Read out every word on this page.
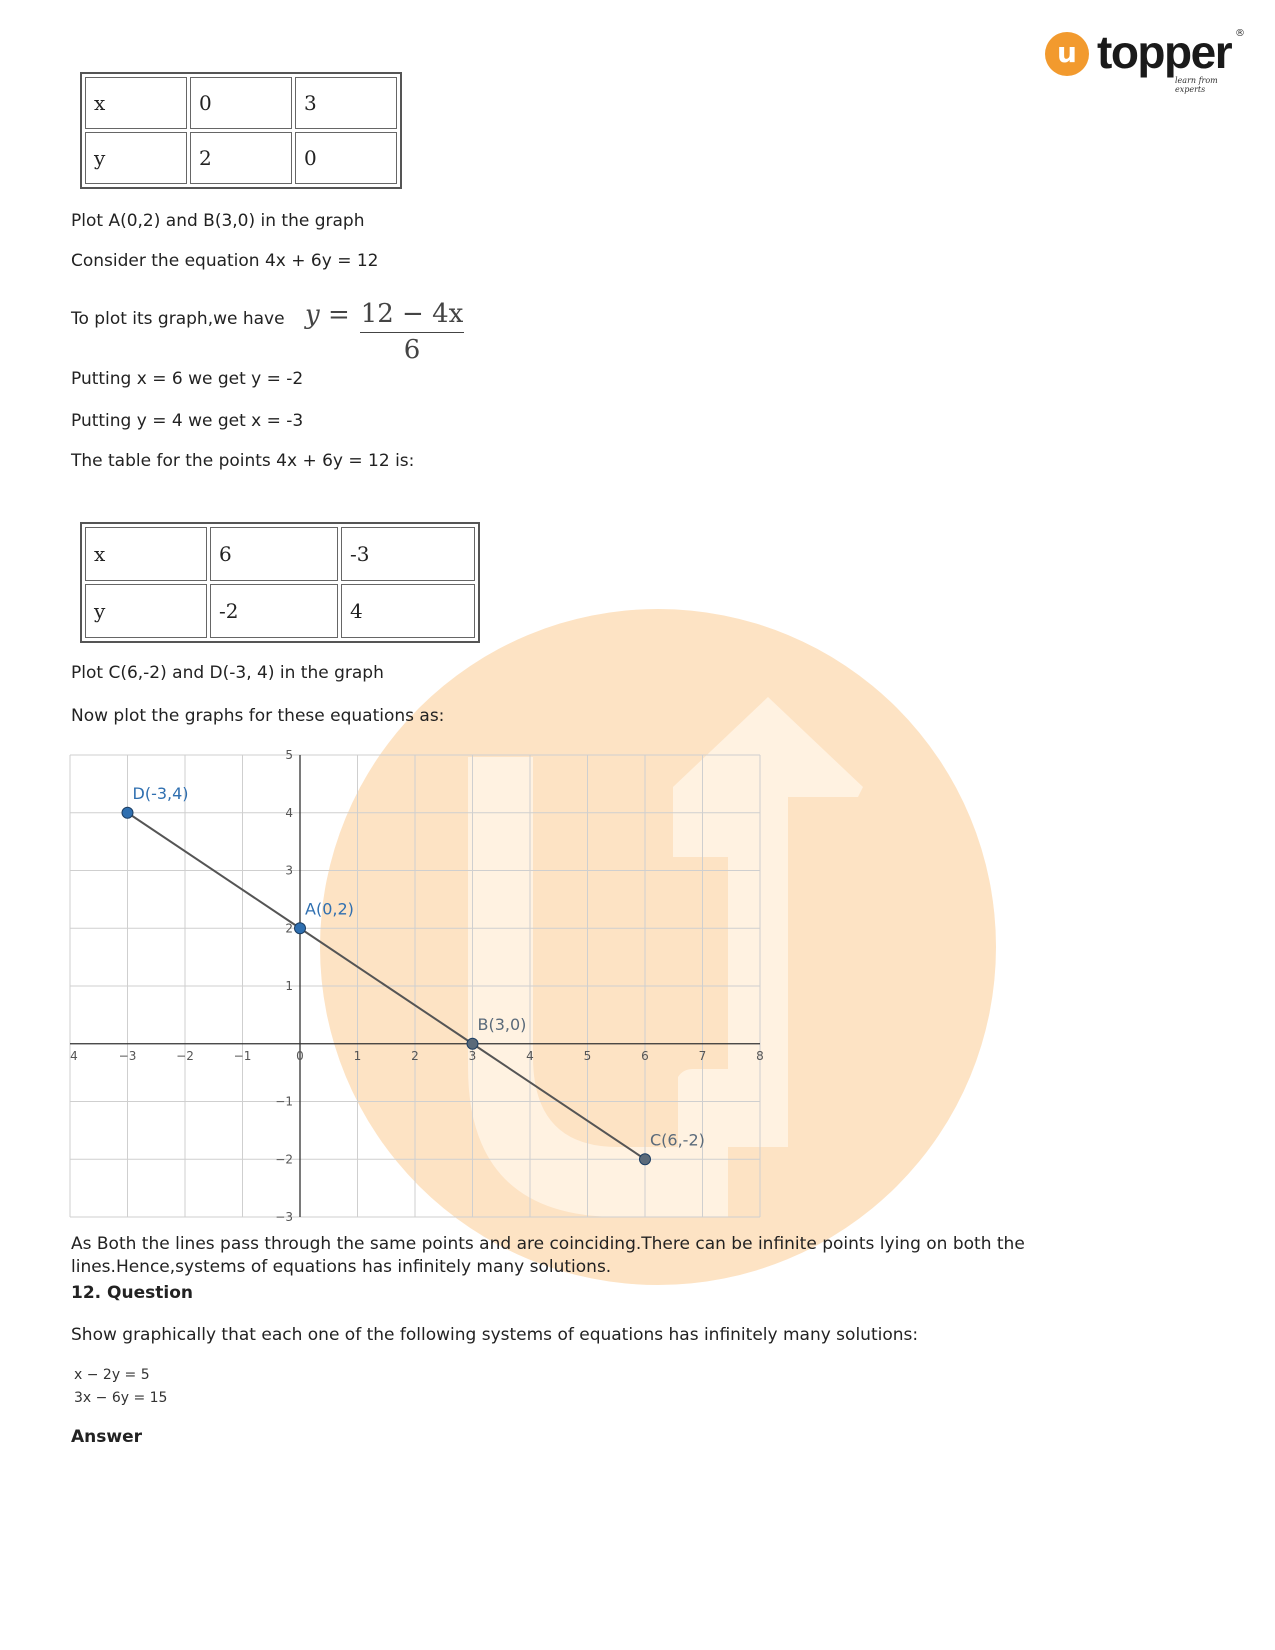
u topper
learn from experts
®
x	0	3
y	2	0
Plot A(0,2) and B(3,0) in the graph
Consider the equation 4x + 6y = 12
To plot its graph,we have $y = \frac{12 - 4x}{6}$
Putting x = 6 we get y = -2
Putting y = 4 we get x = -3
The table for the points 4x + 6y = 12 is:
x	6	-3
y	-2	4
Plot C(6,-2) and D(-3, 4) in the graph
Now plot the graphs for these equations as:
4	−3	−2	−1	0	1	2	3	4	5	6	7	8
5
4
3
2
1
−1
−2
−3
D(-3,4)
A(0,2)
B(3,0)
C(6,-2)
As Both the lines pass through the same points and are coinciding.There can be infinite points lying on both the lines.Hence,systems of equations has infinitely many solutions.
12. Question
Show graphically that each one of the following systems of equations has infinitely many solutions:
x − 2y = 5
3x − 6y = 15
Answer
